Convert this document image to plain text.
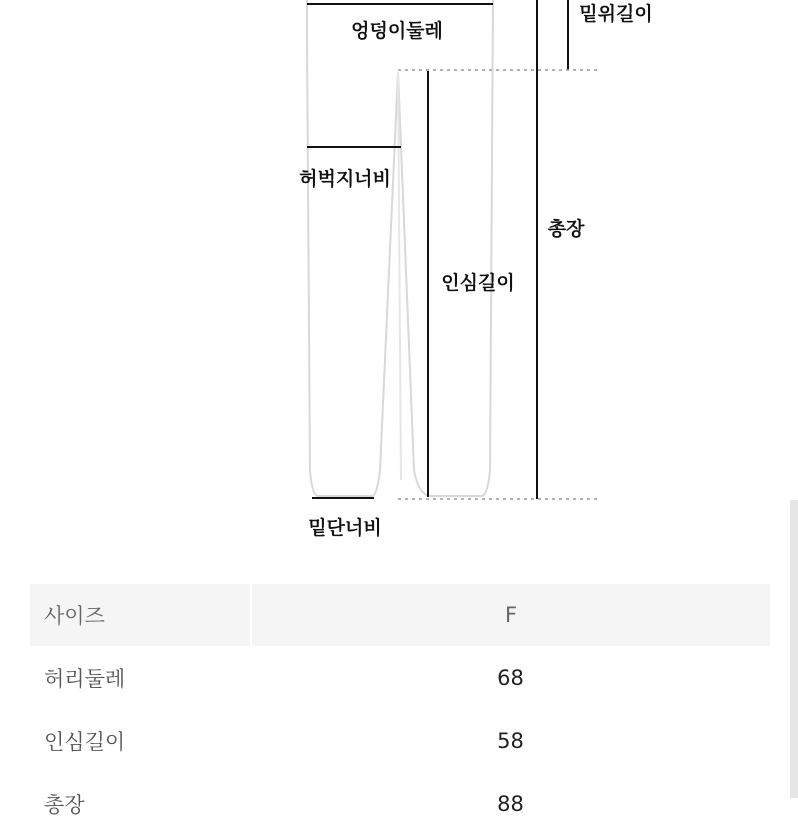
엉덩이둘레
밑위길이
허벅지너비
총장
인심길이
밑단너비
사이즈	F
허리둘레	68
인심길이	58
총장	88
